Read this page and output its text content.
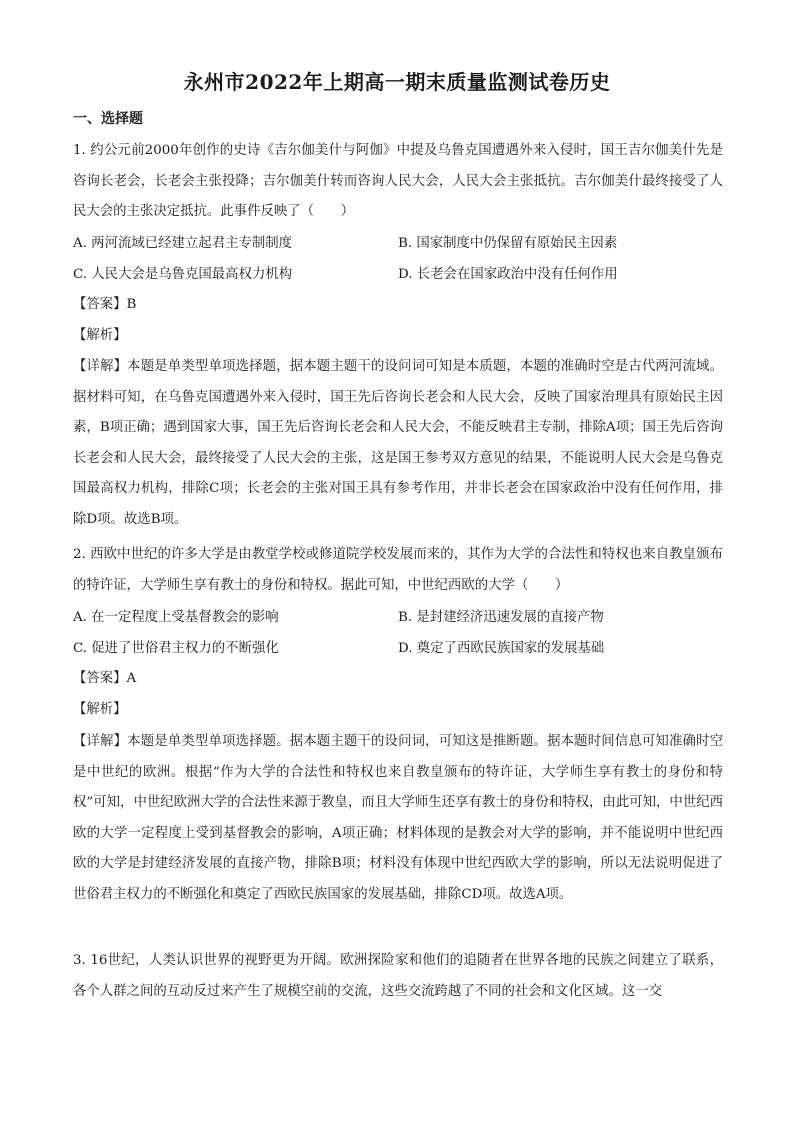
永州市2022年上期高一期末质量监测试卷历史
一、选择题

1. 约公元前2000年创作的史诗《吉尔伽美什与阿伽》中提及乌鲁克国遭遇外来入侵时，国王吉尔伽美什先是咨询长老会，长老会主张投降；吉尔伽美什转而咨询人民大会，人民大会主张抵抗。吉尔伽美什最终接受了人民大会的主张决定抵抗。此事件反映了（　　）

A. 两河流域已经建立起君主专制制度	B. 国家制度中仍保留有原始民主因素
C. 人民大会是乌鲁克国最高权力机构	D. 长老会在国家政治中没有任何作用
【答案】B
【解析】

【详解】本题是单类型单项选择题，据本题主题干的设问词可知是本质题，本题的准确时空是古代两河流域。据材料可知，在乌鲁克国遭遇外来入侵时，国王先后咨询长老会和人民大会，反映了国家治理具有原始民主因素，B项正确；遇到国家大事，国王先后咨询长老会和人民大会，不能反映君主专制，排除A项；国王先后咨询长老会和人民大会，最终接受了人民大会的主张，这是国王参考双方意见的结果，不能说明人民大会是乌鲁克国最高权力机构，排除C项；长老会的主张对国王具有参考作用，并非长老会在国家政治中没有任何作用，排除D项。故选B项。

2. 西欧中世纪的许多大学是由教堂学校或修道院学校发展而来的，其作为大学的合法性和特权也来自教皇颁布的特许证，大学师生享有教士的身份和特权。据此可知，中世纪西欧的大学（　　）

A. 在一定程度上受基督教会的影响	B. 是封建经济迅速发展的直接产物
C. 促进了世俗君主权力的不断强化	D. 奠定了西欧民族国家的发展基础
【答案】A
【解析】

【详解】本题是单类型单项选择题。据本题主题干的设问词，可知这是推断题。据本题时间信息可知准确时空是中世纪的欧洲。根据“作为大学的合法性和特权也来自教皇颁布的特许证，大学师生享有教士的身份和特权”可知，中世纪欧洲大学的合法性来源于教皇，而且大学师生还享有教士的身份和特权，由此可知，中世纪西欧的大学一定程度上受到基督教会的影响，A项正确；材料体现的是教会对大学的影响，并不能说明中世纪西欧的大学是封建经济发展的直接产物，排除B项；材料没有体现中世纪西欧大学的影响，所以无法说明促进了世俗君主权力的不断强化和奠定了西欧民族国家的发展基础，排除CD项。故选A项。

3. 16世纪，人类认识世界的视野更为开阔。欧洲探险家和他们的追随者在世界各地的民族之间建立了联系，各个人群之间的互动反过来产生了规模空前的交流，这些交流跨越了不同的社会和文化区域。这一交
